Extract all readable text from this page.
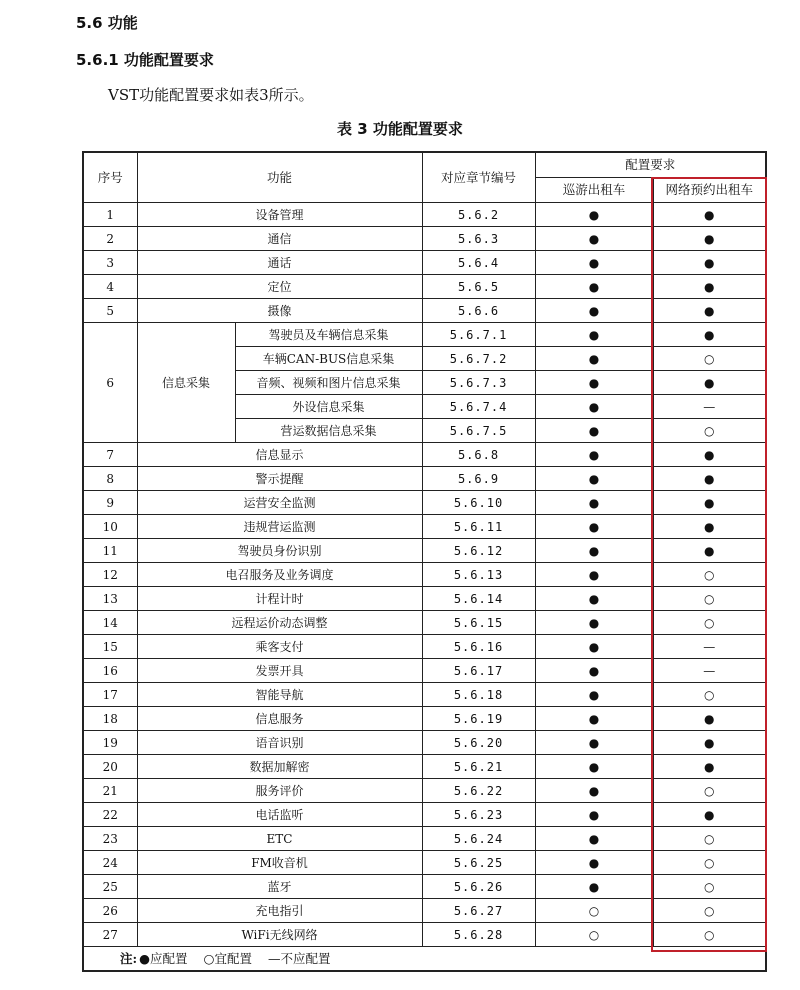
5.6 功能
5.6.1 功能配置要求
VST功能配置要求如表3所示。
表 3 功能配置要求
序号	功能		对应章节编号	配置要求	
				巡游出租车	网络预约出租车
1	设备管理		5.6.2	●	●
2	通信		5.6.3	●	●
3	通话		5.6.4	●	●
4	定位		5.6.5	●	●
5	摄像		5.6.6	●	●
6	信息采集	驾驶员及车辆信息采集	5.6.7.1	●	●
		车辆CAN-BUS信息采集	5.6.7.2	●	○
		音频、视频和图片信息采集	5.6.7.3	●	●
		外设信息采集	5.6.7.4	●	—
		营运数据信息采集	5.6.7.5	●	○
7	信息显示		5.6.8	●	●
8	警示提醒		5.6.9	●	●
9	运营安全监测		5.6.10	●	●
10	违规营运监测		5.6.11	●	●
11	驾驶员身份识别		5.6.12	●	●
12	电召服务及业务调度		5.6.13	●	○
13	计程计时		5.6.14	●	○
14	远程运价动态调整		5.6.15	●	○
15	乘客支付		5.6.16	●	—
16	发票开具		5.6.17	●	—
17	智能导航		5.6.18	●	○
18	信息服务		5.6.19	●	●
19	语音识别		5.6.20	●	●
20	数据加解密		5.6.21	●	●
21	服务评价		5.6.22	●	○
22	电话监听		5.6.23	●	●
23	ETC		5.6.24	●	○
24	FM收音机		5.6.25	●	○
25	蓝牙		5.6.26	●	○
26	充电指引		5.6.27	○	○
27	WiFi无线网络		5.6.28	○	○
注: ●应配置 ○宜配置 —不应配置					
